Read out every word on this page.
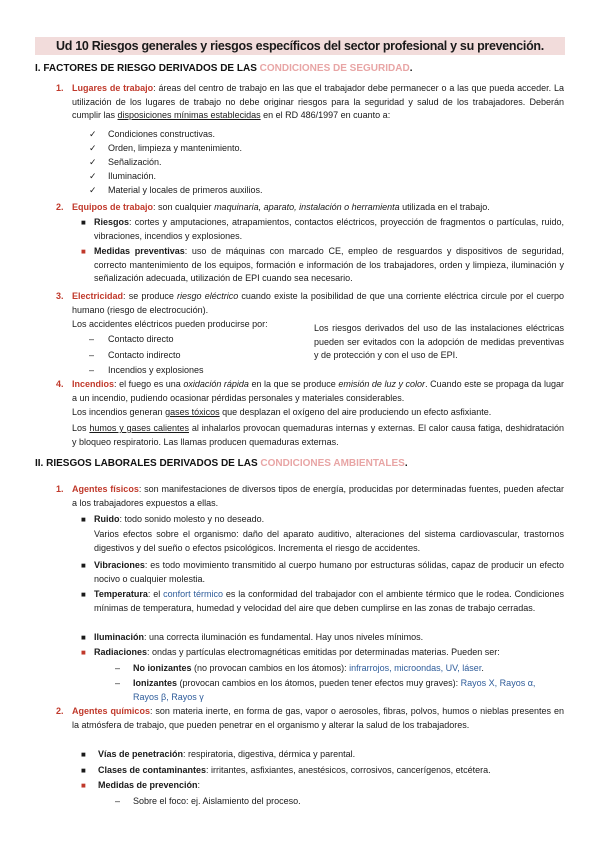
Ud 10 Riesgos generales y riesgos específicos del sector profesional y su prevención.
I. FACTORES DE RIESGO DERIVADOS DE LAS CONDICIONES DE SEGURIDAD.
1. Lugares de trabajo: áreas del centro de trabajo en las que el trabajador debe permanecer o a las que pueda acceder. La utilización de los lugares de trabajo no debe originar riesgos para la seguridad y salud de los trabajadores. Deberán cumplir las disposiciones mínimas establecidas en el RD 486/1997 en cuanto a:
✓ Condiciones constructivas.
✓ Orden, limpieza y mantenimiento.
✓ Señalización.
✓ Iluminación.
✓ Material y locales de primeros auxilios.
2. Equipos de trabajo: son cualquier maquinaria, aparato, instalación o herramienta utilizada en el trabajo.
■ Riesgos: cortes y amputaciones, atrapamientos, contactos eléctricos, proyección de fragmentos o partículas, ruido, vibraciones, incendios y explosiones.
■ Medidas preventivas: uso de máquinas con marcado CE, empleo de resguardos y dispositivos de seguridad, correcto mantenimiento de los equipos, formación e información de los trabajadores, orden y limpieza, iluminación y señalización adecuada, utilización de EPI cuando sea necesario.
3. Electricidad: se produce riesgo eléctrico cuando existe la posibilidad de que una corriente eléctrica circule por el cuerpo humano (riesgo de electrocución).
Los accidentes eléctricos pueden producirse por:
– Contacto directo
– Contacto indirecto
– Incendios y explosiones
Los riesgos derivados del uso de las instalaciones eléctricas pueden ser evitados con la adopción de medidas preventivas y de protección y con el uso de EPI.
4. Incendios: el fuego es una oxidación rápida en la que se produce emisión de luz y color. Cuando este se propaga da lugar a un incendio, pudiendo ocasionar pérdidas personales y materiales considerables.
Los incendios generan gases tóxicos que desplazan el oxígeno del aire produciendo un efecto asfixiante.
Los humos y gases calientes al inhalarlos provocan quemaduras internas y externas. El calor causa fatiga, deshidratación y bloqueo respiratorio. Las llamas producen quemaduras externas.
II. RIESGOS LABORALES DERIVADOS DE LAS CONDICIONES AMBIENTALES.
1. Agentes físicos: son manifestaciones de diversos tipos de energía, producidas por determinadas fuentes, pueden afectar a los trabajadores expuestos a ellas.
■ Ruido: todo sonido molesto y no deseado.
Varios efectos sobre el organismo: daño del aparato auditivo, alteraciones del sistema cardiovascular, trastornos digestivos y del sueño o efectos psicológicos. Incrementa el riesgo de accidentes.
■ Vibraciones: es todo movimiento transmitido al cuerpo humano por estructuras sólidas, capaz de producir un efecto nocivo o cualquier molestia.
■ Temperatura: el confort térmico es la conformidad del trabajador con el ambiente térmico que le rodea. Condiciones mínimas de temperatura, humedad y velocidad del aire que deben cumplirse en las zonas de trabajo cerradas.
■ Iluminación: una correcta iluminación es fundamental. Hay unos niveles mínimos.
■ Radiaciones: ondas y partículas electromagnéticas emitidas por determinadas materias. Pueden ser:
– No ionizantes (no provocan cambios en los átomos): infrarrojos, microondas, UV, láser.
– Ionizantes (provocan cambios en los átomos, pueden tener efectos muy graves): Rayos X, Rayos α, Rayos β, Rayos γ
2. Agentes químicos: son materia inerte, en forma de gas, vapor o aerosoles, fibras, polvos, humos o nieblas presentes en la atmósfera de trabajo, que pueden penetrar en el organismo y alterar la salud de los trabajadores.
■ Vías de penetración: respiratoria, digestiva, dérmica y parental.
■ Clases de contaminantes: irritantes, asfixiantes, anestésicos, corrosivos, cancerígenos, etcétera.
■ Medidas de prevención:
– Sobre el foco: ej. Aislamiento del proceso.
